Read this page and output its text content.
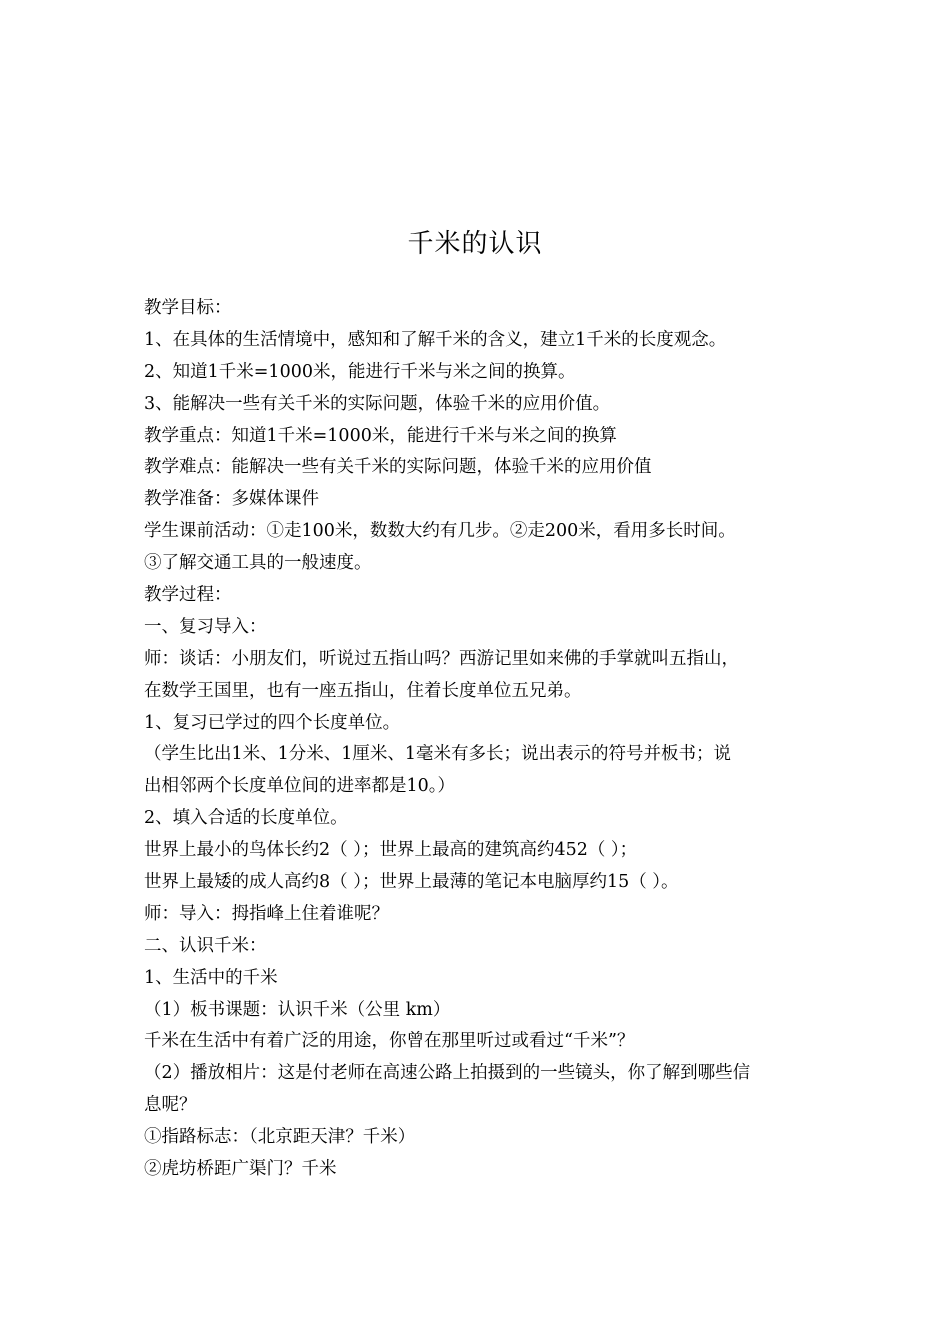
千米的认识
教学目标：
1、在具体的生活情境中，感知和了解千米的含义，建立1千米的长度观念。
2、知道1千米=1000米，能进行千米与米之间的换算。
3、能解决一些有关千米的实际问题，体验千米的应用价值。
教学重点：知道1千米=1000米，能进行千米与米之间的换算
教学难点：能解决一些有关千米的实际问题，体验千米的应用价值
教学准备：多媒体课件
学生课前活动：①走100米，数数大约有几步。②走200米，看用多长时间。
③了解交通工具的一般速度。
教学过程：
一、复习导入：
师：谈话：小朋友们，听说过五指山吗？西游记里如来佛的手掌就叫五指山，
在数学王国里，也有一座五指山，住着长度单位五兄弟。
1、复习已学过的四个长度单位。
（学生比出1米、1分米、1厘米、1毫米有多长；说出表示的符号并板书；说
出相邻两个长度单位间的进率都是10。）
2、填入合适的长度单位。
世界上最小的鸟体长约2（ ）；世界上最高的建筑高约452（ ）；
世界上最矮的成人高约8（ ）；世界上最薄的笔记本电脑厚约15（ ）。
师：导入：拇指峰上住着谁呢？
二、认识千米：
1、生活中的千米
（1）板书课题：认识千米（公里 km）
千米在生活中有着广泛的用途，你曾在那里听过或看过“千米”？
（2）播放相片：这是付老师在高速公路上拍摄到的一些镜头，你了解到哪些信
息呢？
①指路标志：（北京距天津？千米）
②虎坊桥距广渠门？千米
